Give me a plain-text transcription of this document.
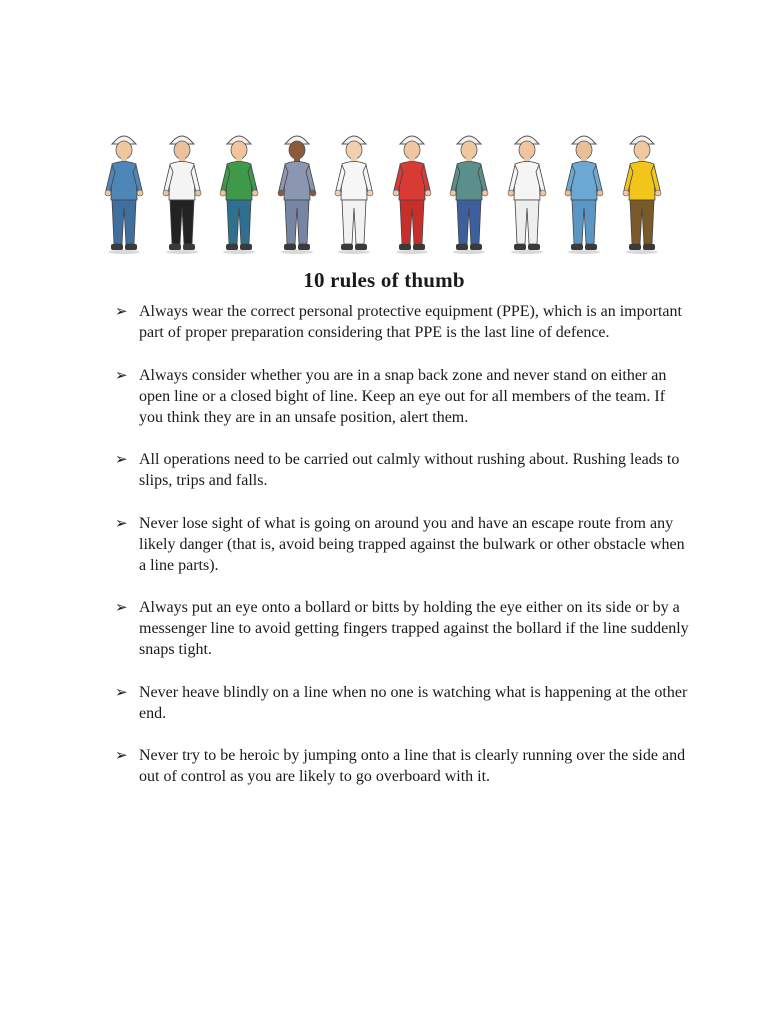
10 rules of thumb
➢ Always wear the correct personal protective equipment (PPE), which is an important part of proper preparation considering that PPE is the last line of defence.
➢ Always consider whether you are in a snap back zone and never stand on either an open line or a closed bight of line. Keep an eye out for all members of the team. If you think they are in an unsafe position, alert them.
➢ All operations need to be carried out calmly without rushing about. Rushing leads to slips, trips and falls.
➢ Never lose sight of what is going on around you and have an escape route from any likely danger (that is, avoid being trapped against the bulwark or other obstacle when a line parts).
➢ Always put an eye onto a bollard or bitts by holding the eye either on its side or by a messenger line to avoid getting fingers trapped against the bollard if the line suddenly snaps tight.
➢ Never heave blindly on a line when no one is watching what is happening at the other end.
➢ Never try to be heroic by jumping onto a line that is clearly running over the side and out of control as you are likely to go overboard with it.
